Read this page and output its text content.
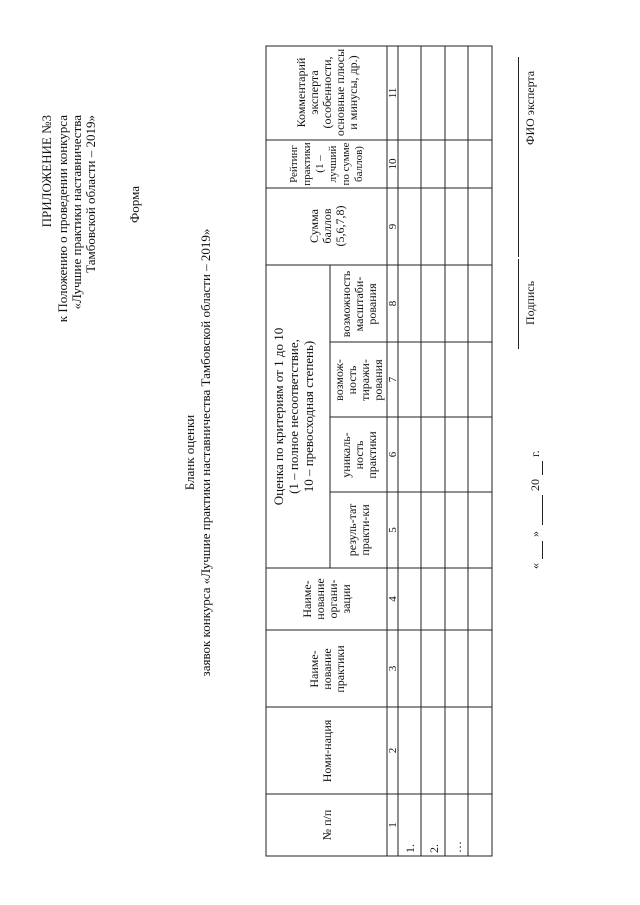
ПРИЛОЖЕНИЕ №3 к Положению о проведении конкурса «Лучшие практики наставничества Тамбовской области – 2019» Форма
Бланк оценки заявок конкурса «Лучшие практики наставничества Тамбовской области – 2019»
№ п/п
Номи-нация
Наиме-нование практики
Наиме-нование органи-зации
Оценка по критериям от 1 до 10 (1 – полное несоответствие, 10 – превосходная степень)
резуль-тат практи-ки
уникаль-ность практики
возмож-ность тиражи-рования
возможность масштаби-рования
Сумма баллов (5,6,7,8)
Рейтинг практики (1 – лучший по сумме баллов)
Комментарий эксперта (особенности, основные плюсы и минусы, др.)
1
2
3
4
5
6
7
8
9
10
11
1. 2. …
«
»
20
г.
Подпись
ФИО эксперта
